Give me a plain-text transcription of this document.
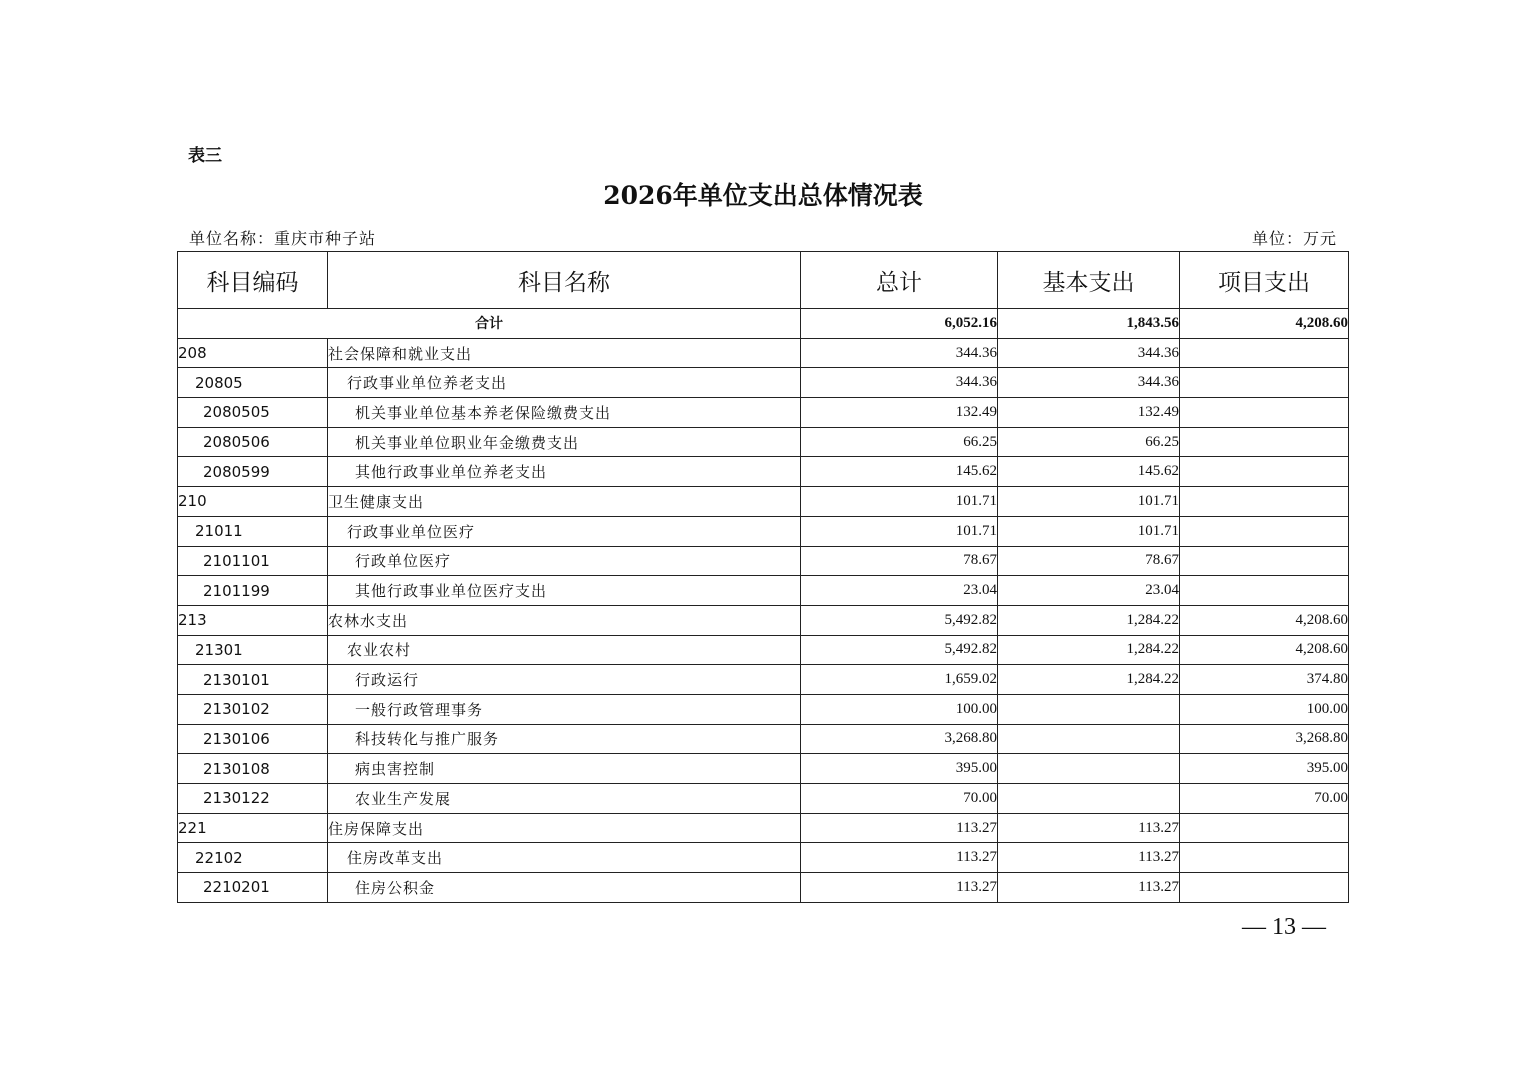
表三
2026年单位支出总体情况表
单位名称：重庆市种子站	单位：万元
科目编码	科目名称	总计	基本支出	项目支出
合计		6,052.16	1,843.56	4,208.60
208	社会保障和就业支出	344.36	344.36	
20805	行政事业单位养老支出	344.36	344.36	
2080505	机关事业单位基本养老保险缴费支出	132.49	132.49	
2080506	机关事业单位职业年金缴费支出	66.25	66.25	
2080599	其他行政事业单位养老支出	145.62	145.62	
210	卫生健康支出	101.71	101.71	
21011	行政事业单位医疗	101.71	101.71	
2101101	行政单位医疗	78.67	78.67	
2101199	其他行政事业单位医疗支出	23.04	23.04	
213	农林水支出	5,492.82	1,284.22	4,208.60
21301	农业农村	5,492.82	1,284.22	4,208.60
2130101	行政运行	1,659.02	1,284.22	374.80
2130102	一般行政管理事务	100.00		100.00
2130106	科技转化与推广服务	3,268.80		3,268.80
2130108	病虫害控制	395.00		395.00
2130122	农业生产发展	70.00		70.00
221	住房保障支出	113.27	113.27	
22102	住房改革支出	113.27	113.27	
2210201	住房公积金	113.27	113.27	
— 13 —
